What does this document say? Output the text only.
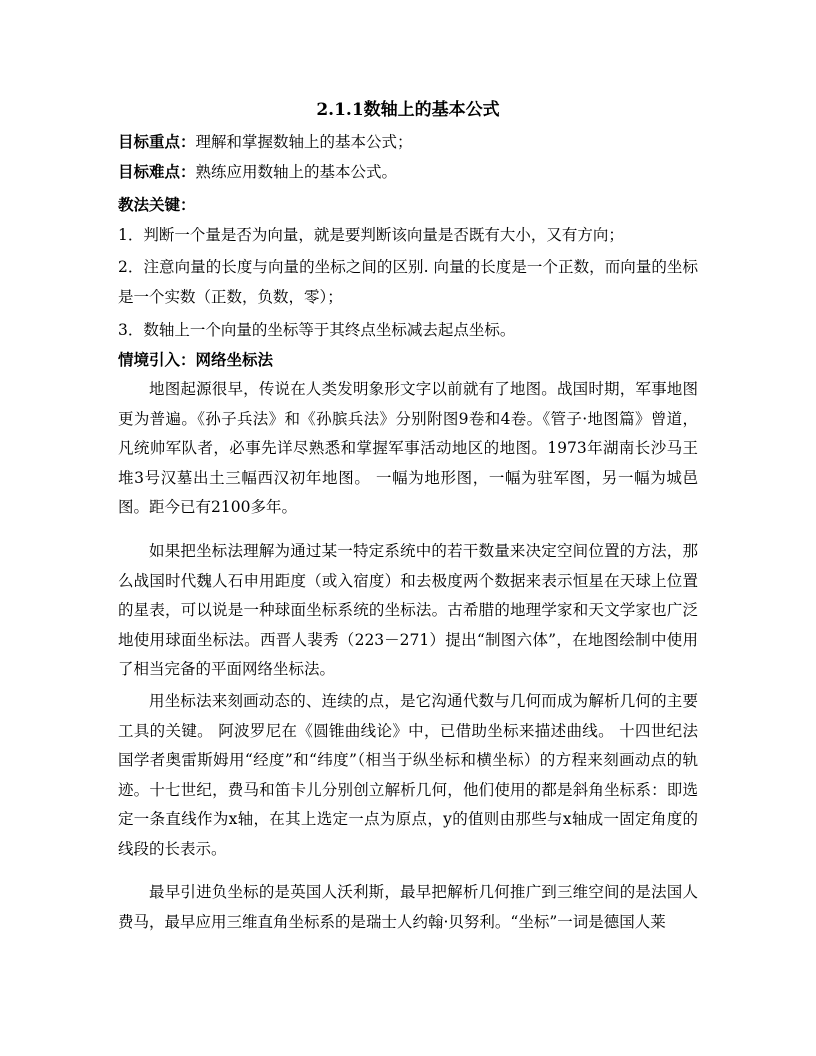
2.1.1数轴上的基本公式
目标重点：理解和掌握数轴上的基本公式；
目标难点：熟练应用数轴上的基本公式。
教法关键：
1．判断一个量是否为向量，就是要判断该向量是否既有大小，又有方向；

2．注意向量的长度与向量的坐标之间的区别. 向量的长度是一个正数，而向量的坐标是一个实数（正数，负数，零）；

3．数轴上一个向量的坐标等于其终点坐标减去起点坐标。
情境引入：网络坐标法

地图起源很早，传说在人类发明象形文字以前就有了地图。战国时期，军事地图更为普遍。《孙子兵法》和《孙膑兵法》分别附图9卷和4卷。《管子·地图篇》曾道，凡统帅军队者，必事先详尽熟悉和掌握军事活动地区的地图。1973年湖南长沙马王堆3号汉墓出土三幅西汉初年地图。 一幅为地形图，一幅为驻军图，另一幅为城邑图。距今已有2100多年。

如果把坐标法理解为通过某一特定系统中的若干数量来决定空间位置的方法，那么战国时代魏人石申用距度（或入宿度）和去极度两个数据来表示恒星在天球上位置的星表，可以说是一种球面坐标系统的坐标法。古希腊的地理学家和天文学家也广泛地使用球面坐标法。西晋人裴秀（223－271）提出“制图六体”，在地图绘制中使用了相当完备的平面网络坐标法。

用坐标法来刻画动态的、连续的点，是它沟通代数与几何而成为解析几何的主要工具的关键。 阿波罗尼在《圆锥曲线论》中，已借助坐标来描述曲线。 十四世纪法国学者奥雷斯姆用“经度”和“纬度”（相当于纵坐标和横坐标）的方程来刻画动点的轨迹。十七世纪，费马和笛卡儿分别创立解析几何，他们使用的都是斜角坐标系：即选定一条直线作为x轴，在其上选定一点为原点，y的值则由那些与x轴成一固定角度的线段的长表示。

最早引进负坐标的是英国人沃利斯，最早把解析几何推广到三维空间的是法国人费马，最早应用三维直角坐标系的是瑞士人约翰·贝努利。“坐标”一词是德国人莱
